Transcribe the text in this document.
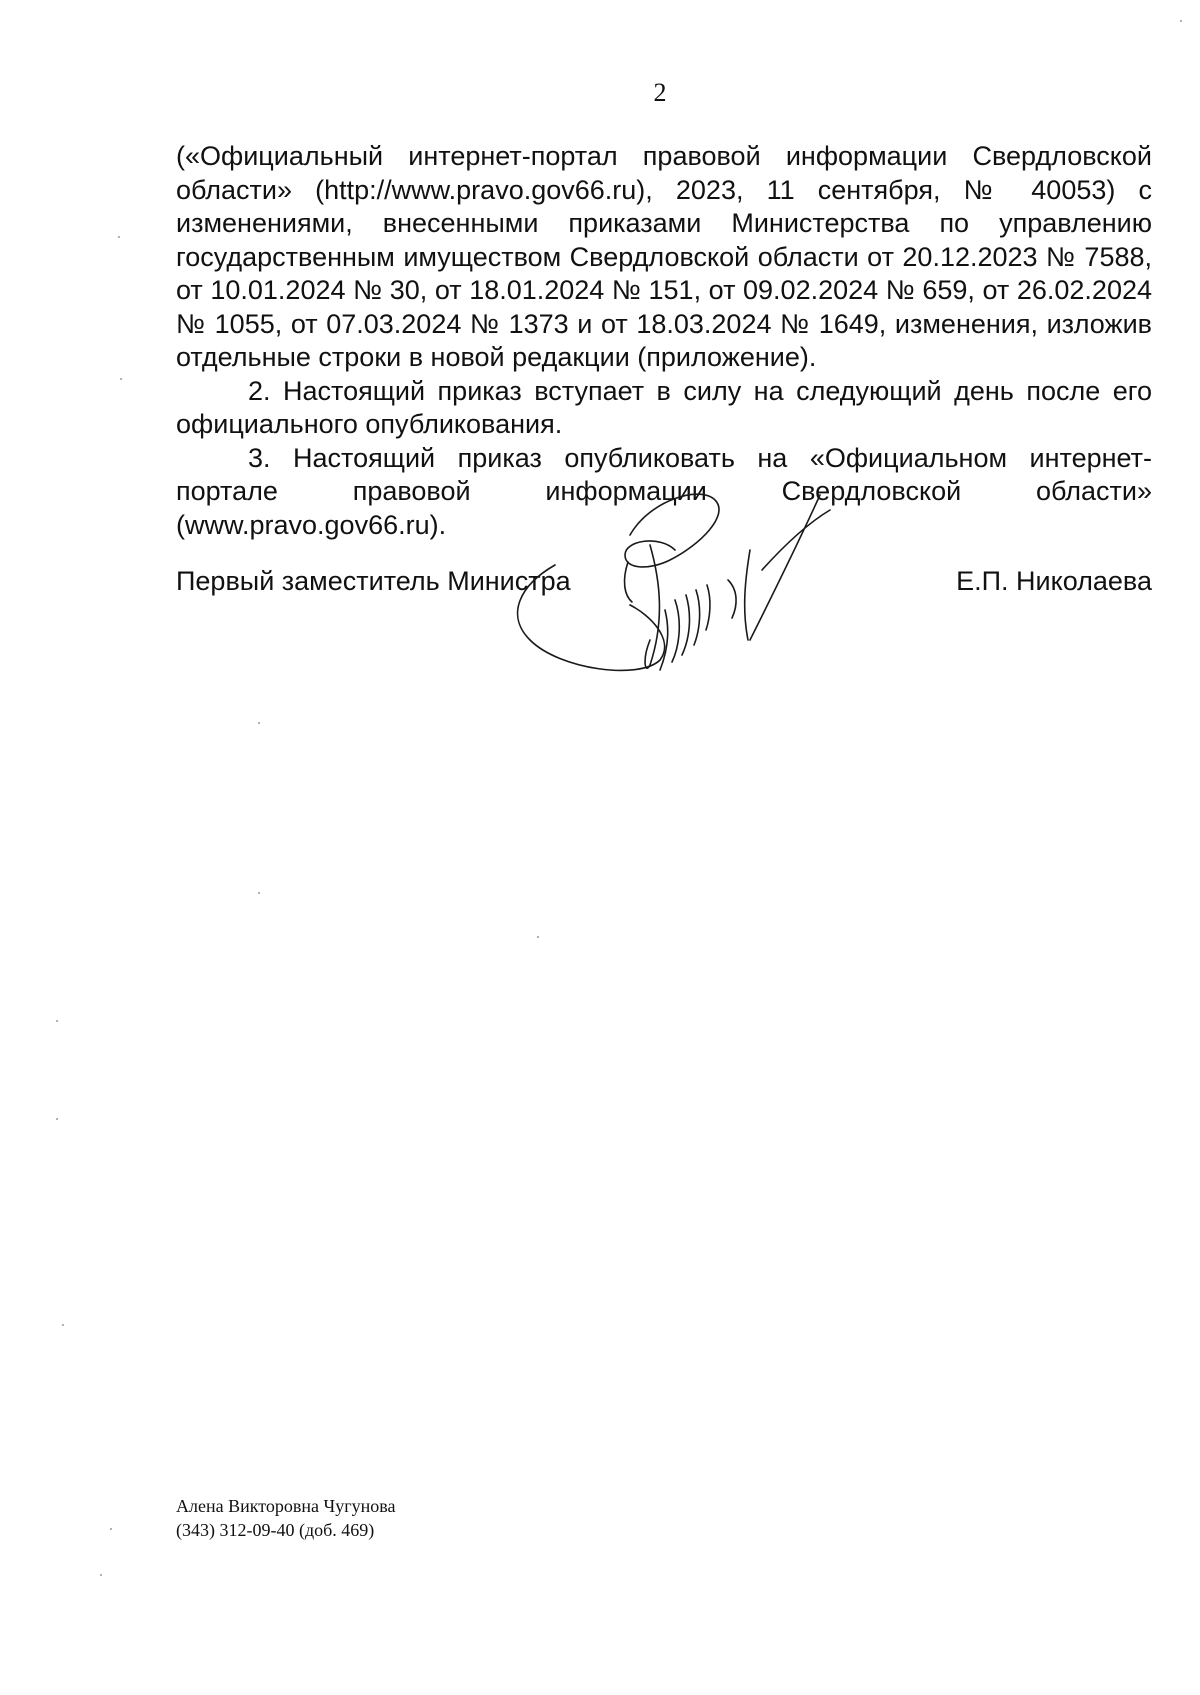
2

(«Официальный интернет-портал правовой информации Свердловской области» (http://www.pravo.gov66.ru), 2023, 11 сентября, № 40053) с изменениями, внесенными приказами Министерства по управлению государственным имуществом Свердловской области от 20.12.2023 № 7588, от 10.01.2024 № 30, от 18.01.2024 № 151, от 09.02.2024 № 659, от 26.02.2024 № 1055, от 07.03.2024 № 1373 и от 18.03.2024 № 1649, изменения, изложив отдельные строки в новой редакции (приложение).

2. Настоящий приказ вступает в силу на следующий день после его официального опубликования.

3. Настоящий приказ опубликовать на «Официальном интернет-портале правовой информации Свердловской области» (www.pravo.gov66.ru).

Первый заместитель Министра	Е.П. Николаева
Алена Викторовна Чугунова
(343) 312-09-40 (доб. 469)
